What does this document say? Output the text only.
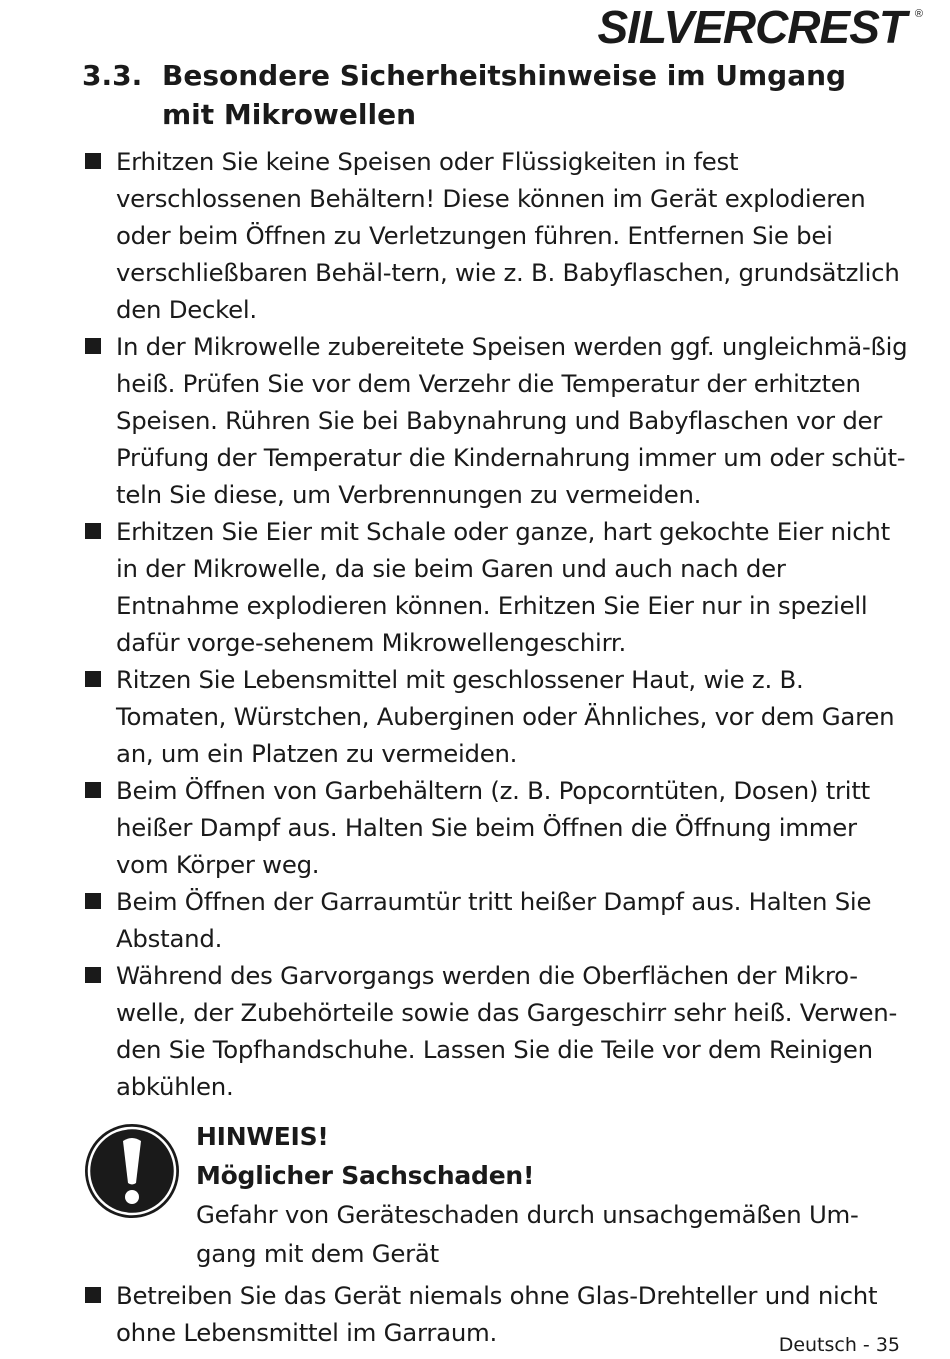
SILVERCREST ®
3.3. Besondere Sicherheitshinweise im Umgang mit Mikrowellen
Erhitzen Sie keine Speisen oder Flüssigkeiten in fest verschlossenen Behältern! Diese können im Gerät explodieren oder beim Öffnen zu Verletzungen führen. Entfernen Sie bei verschließbaren Behäl-tern, wie z. B. Babyflaschen, grundsätzlich den Deckel.
In der Mikrowelle zubereitete Speisen werden ggf. ungleichmä-ßig heiß. Prüfen Sie vor dem Verzehr die Temperatur der erhitzten Speisen. Rühren Sie bei Babynahrung und Babyflaschen vor der Prüfung der Temperatur die Kindernahrung immer um oder schüt-teln Sie diese, um Verbrennungen zu vermeiden.
Erhitzen Sie Eier mit Schale oder ganze, hart gekochte Eier nicht in der Mikrowelle, da sie beim Garen und auch nach der Entnahme explodieren können. Erhitzen Sie Eier nur in speziell dafür vorge-sehenem Mikrowellengeschirr.
Ritzen Sie Lebensmittel mit geschlossener Haut, wie z. B. Tomaten, Würstchen, Auberginen oder Ähnliches, vor dem Garen an, um ein Platzen zu vermeiden.
Beim Öffnen von Garbehältern (z. B. Popcorntüten, Dosen) tritt heißer Dampf aus. Halten Sie beim Öffnen die Öffnung immer vom Körper weg.
Beim Öffnen der Garraumtür tritt heißer Dampf aus. Halten Sie Abstand.
Während des Garvorgangs werden die Oberflächen der Mikro-welle, der Zubehörteile sowie das Gargeschirr sehr heiß. Verwen-den Sie Topfhandschuhe. Lassen Sie die Teile vor dem Reinigen abkühlen.
HINWEIS!
Möglicher Sachschaden!
Gefahr von Geräteschaden durch unsachgemäßen Um-gang mit dem Gerät
Betreiben Sie das Gerät niemals ohne Glas-Drehteller und nicht ohne Lebensmittel im Garraum.	Deutsch - 35
